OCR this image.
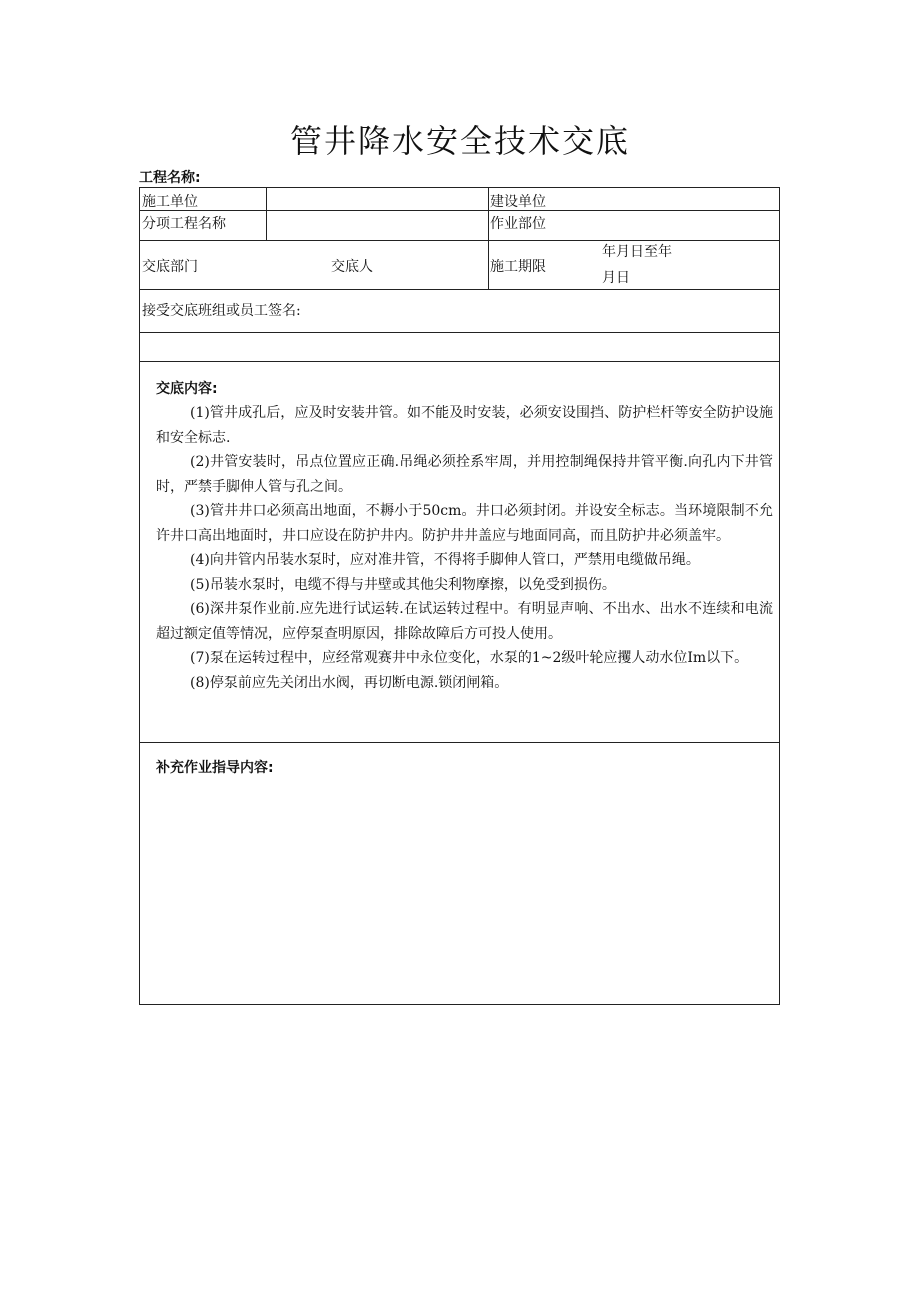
管井降水安全技术交底
工程名称:
施工单位	建设单位
分项工程名称	作业部位
交底部门	交底人	施工期限
年月日至年
月日
接受交底班组或员工签名:
交底内容:

(1)管井成孔后，应及时安装井管。如不能及时安装，必须安设围挡、防护栏杆等安全防护设施和安全标志.

(2)井管安装时，吊点位置应正确.吊绳必须拴系牢周，并用控制绳保持井管平衡.向孔内下井管时，严禁手脚伸人管与孔之间。

(3)管井井口必须高出地面，不耨小于50cm。井口必须封闭。并设安全标志。当环境限制不允许井口高出地面时，井口应设在防护井内。防护井井盖应与地面同高，而且防护井必须盖牢。

(4)向井管内吊装水泵时，应对准井管，不得将手脚伸人管口，严禁用电缆做吊绳。

(5)吊装水泵时，电缆不得与井壁或其他尖利物摩擦，以免受到损伤。

(6)深井泵作业前.应先进行试运转.在试运转过程中。有明显声响、不出水、出水不连续和电流超过额定值等情况，应停泵查明原因，排除故障后方可投人使用。

(7)泵在运转过程中，应经常观赛井中永位变化，水泵的1~2级叶轮应攫人动水位Im以下。

(8)停泵前应先关闭出水阀，再切断电源.锁闭闸箱。

补充作业指导内容:
